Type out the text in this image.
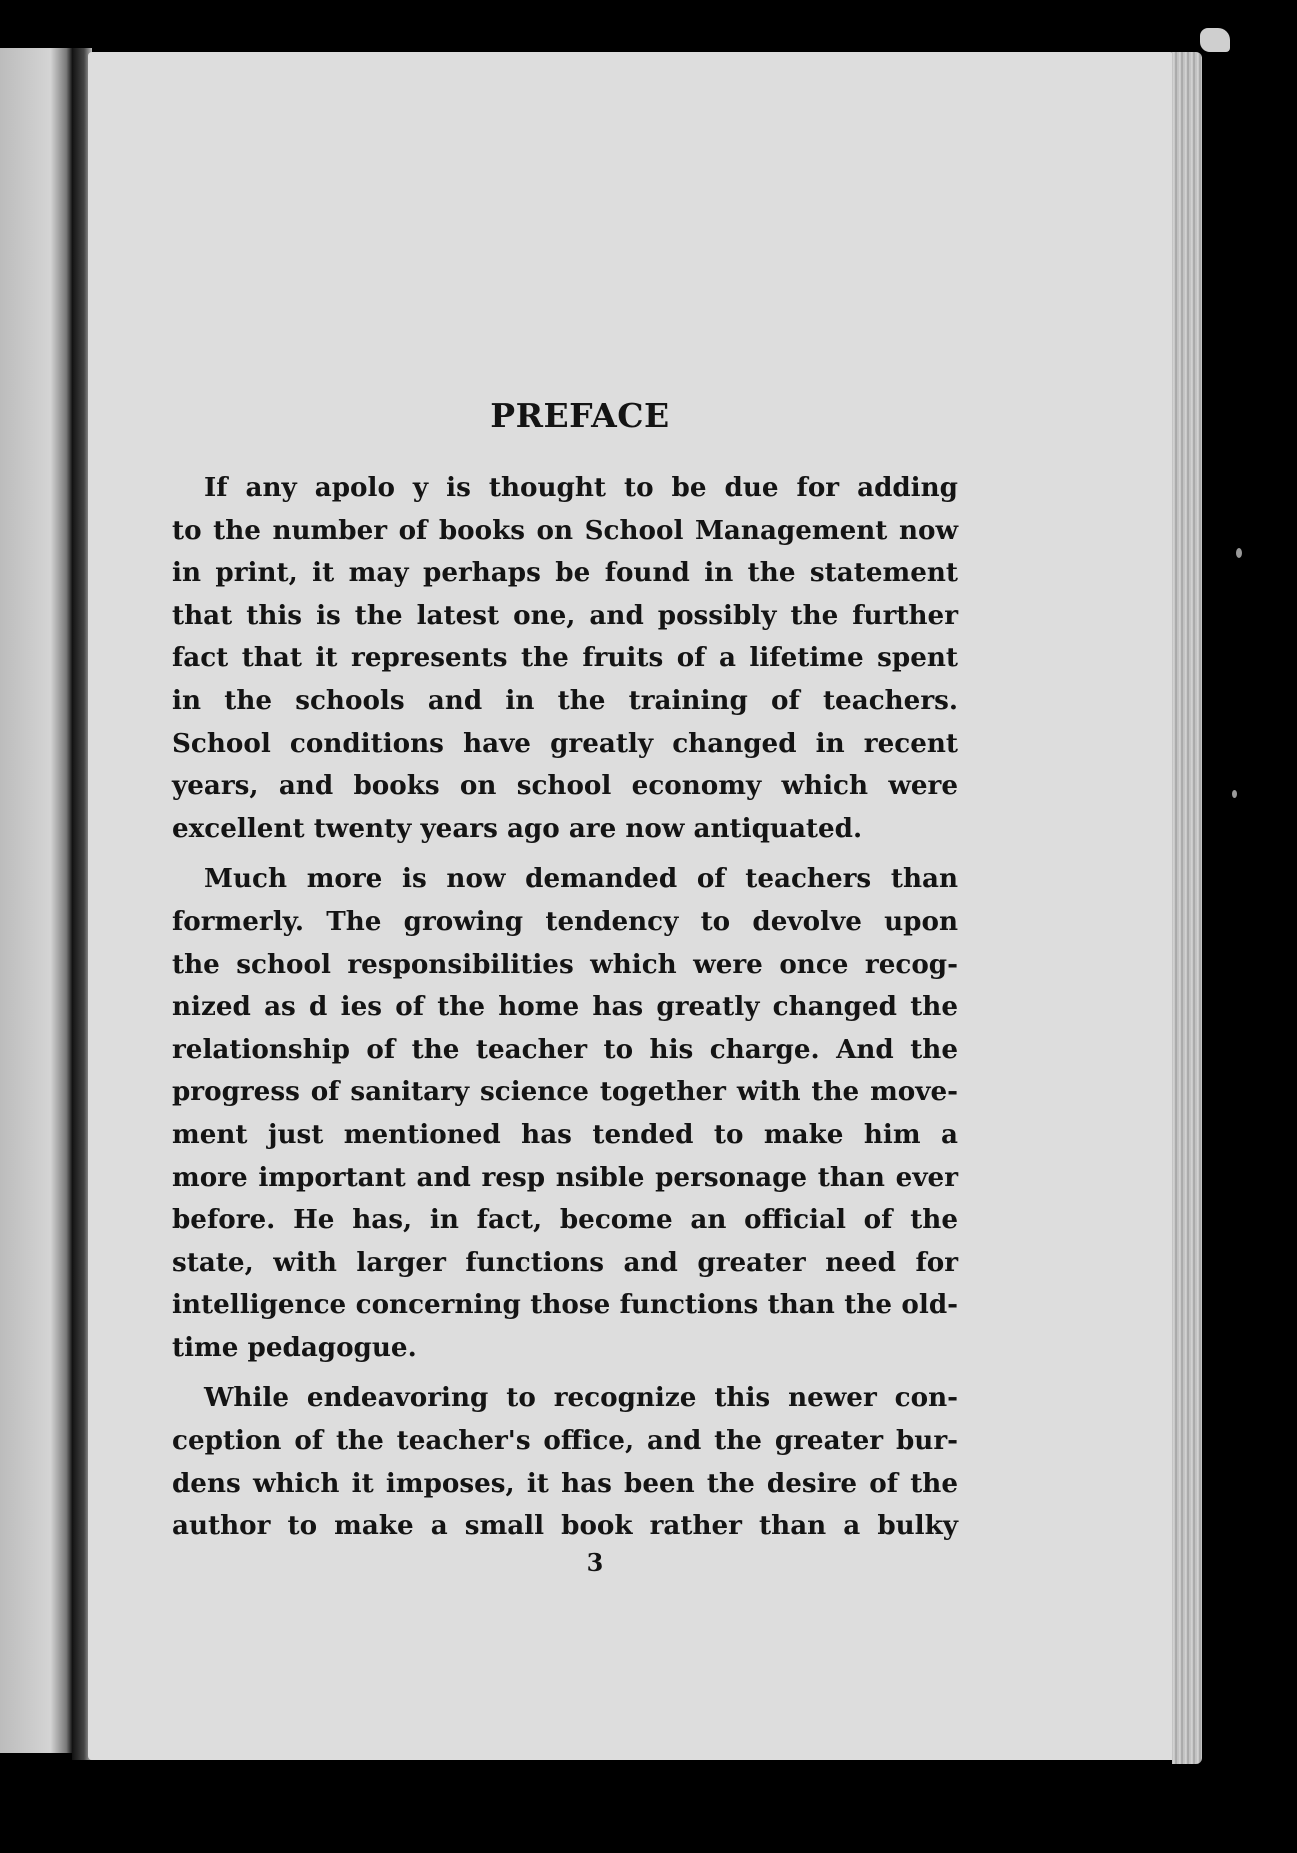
PREFACE
If any apolo y is thought to be due for adding
to the number of books on School Management now
in print, it may perhaps be found in the statement
that this is the latest one, and possibly the further
fact that it represents the fruits of a lifetime spent
in the schools and in the training of teachers.
School conditions have greatly changed in recent
years, and books on school economy which were
excellent twenty years ago are now antiquated.
Much more is now demanded of teachers than
formerly. The growing tendency to devolve upon
the school responsibilities which were once recog-
nized as d ies of the home has greatly changed the
relationship of the teacher to his charge. And the
progress of sanitary science together with the move-
ment just mentioned has tended to make him a
more important and resp nsible personage than ever
before. He has, in fact, become an official of the
state, with larger functions and greater need for
intelligence concerning those functions than the old-
time pedagogue.
While endeavoring to recognize this newer con-
ception of the teacher's office, and the greater bur-
dens which it imposes, it has been the desire of the
author to make a small book rather than a bulky
3
